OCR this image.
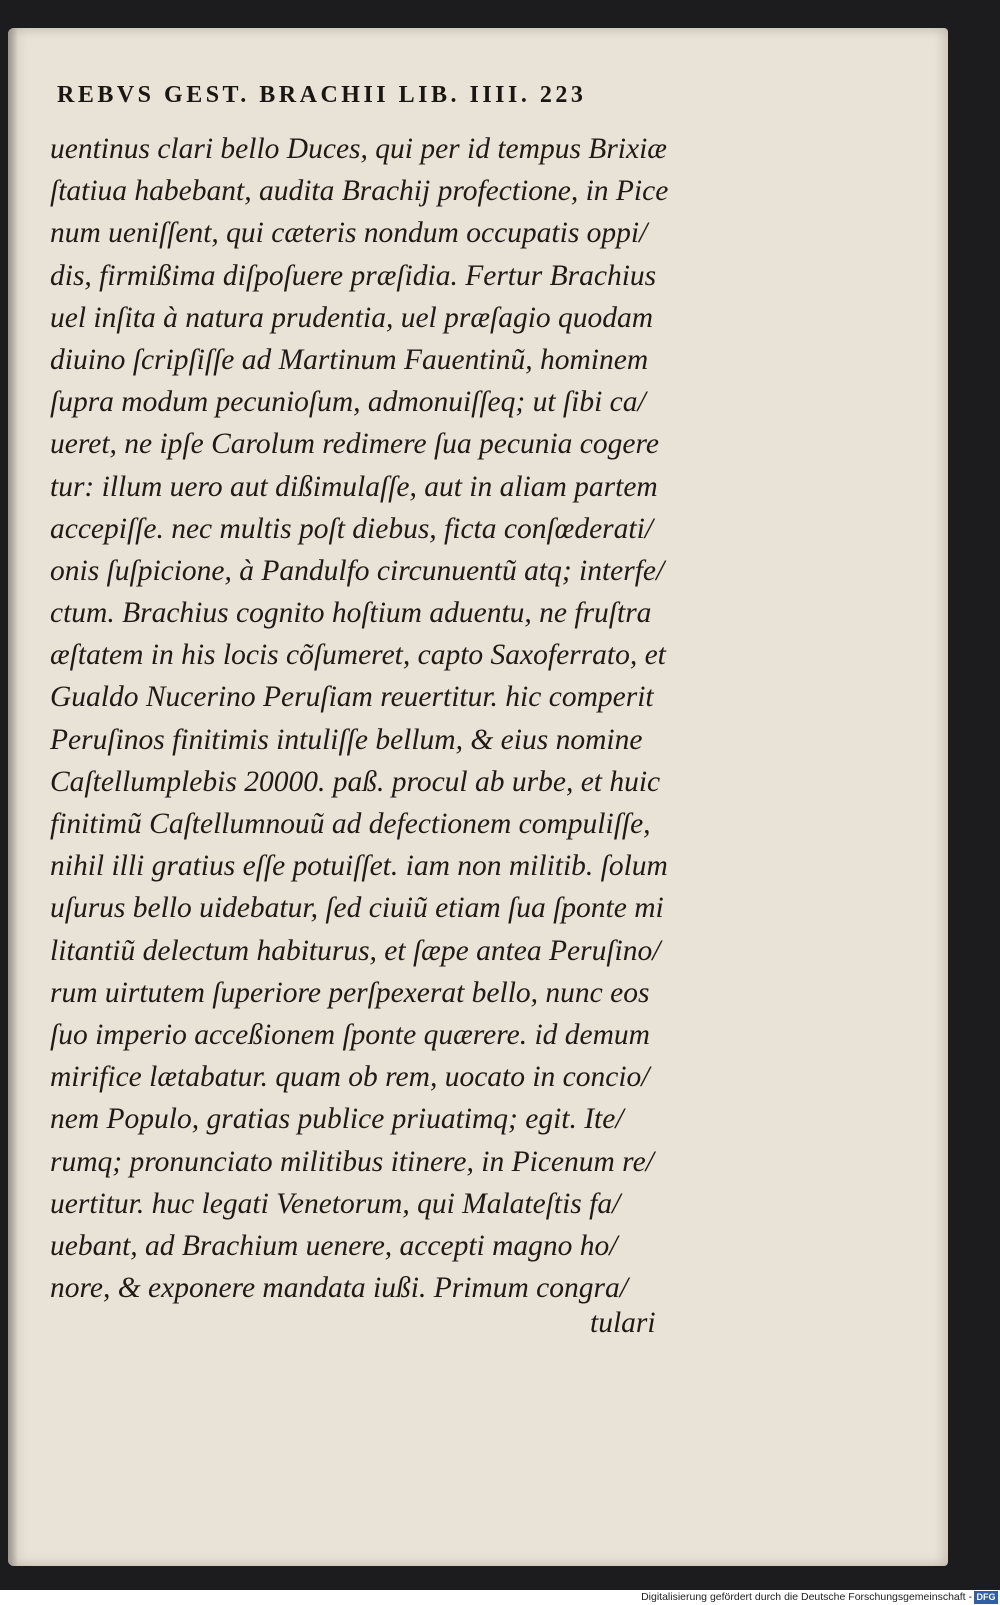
REBVS GEST. BRACHII LIB. IIII. 223
uentinus clari bello Duces, qui per id tempus Brixiæ
ſtatiua habebant, audita Brachij profectione, in Pice
num ueniſſent, qui cæteris nondum occupatis oppi/
dis, firmißima diſpoſuere præſidia. Fertur Brachius
uel inſita à natura prudentia, uel præſagio quodam
diuino ſcripſiſſe ad Martinum Fauentinũ, hominem
ſupra modum pecunioſum, admonuiſſeq; ut ſibi ca/
ueret, ne ipſe Carolum redimere ſua pecunia cogere
tur: illum uero aut dißimulaſſe, aut in aliam partem
accepiſſe. nec multis poſt diebus, ficta conſœderati/
onis ſuſpicione, à Pandulfo circunuentũ atq; interfe/
ctum. Brachius cognito hoſtium aduentu, ne fruſtra
æſtatem in his locis cõſumeret, capto Saxoferrato, et
Gualdo Nucerino Peruſiam reuertitur. hic comperit
Peruſinos finitimis intuliſſe bellum, & eius nomine
Caſtellumplebis 20000. paß. procul ab urbe, et huic
finitimũ Caſtellumnouũ ad defectionem compuliſſe,
nihil illi gratius eſſe potuiſſet. iam non militib. ſolum
uſurus bello uidebatur, ſed ciuiũ etiam ſua ſponte mi
litantiũ delectum habiturus, et ſæpe antea Peruſino/
rum uirtutem ſuperiore perſpexerat bello, nunc eos
ſuo imperio acceßionem ſponte quærere. id demum
mirifice lætabatur. quam ob rem, uocato in concio/
nem Populo, gratias publice priuatimq; egit. Ite/
rumq; pronunciato militibus itinere, in Picenum re/
uertitur. huc legati Venetorum, qui Malateſtis fa/
uebant, ad Brachium uenere, accepti magno ho/
nore, & exponere mandata iußi. Primum congra/
tulari
Digitalisierung gefördert durch die Deutsche Forschungsgemeinschaft - DFG
